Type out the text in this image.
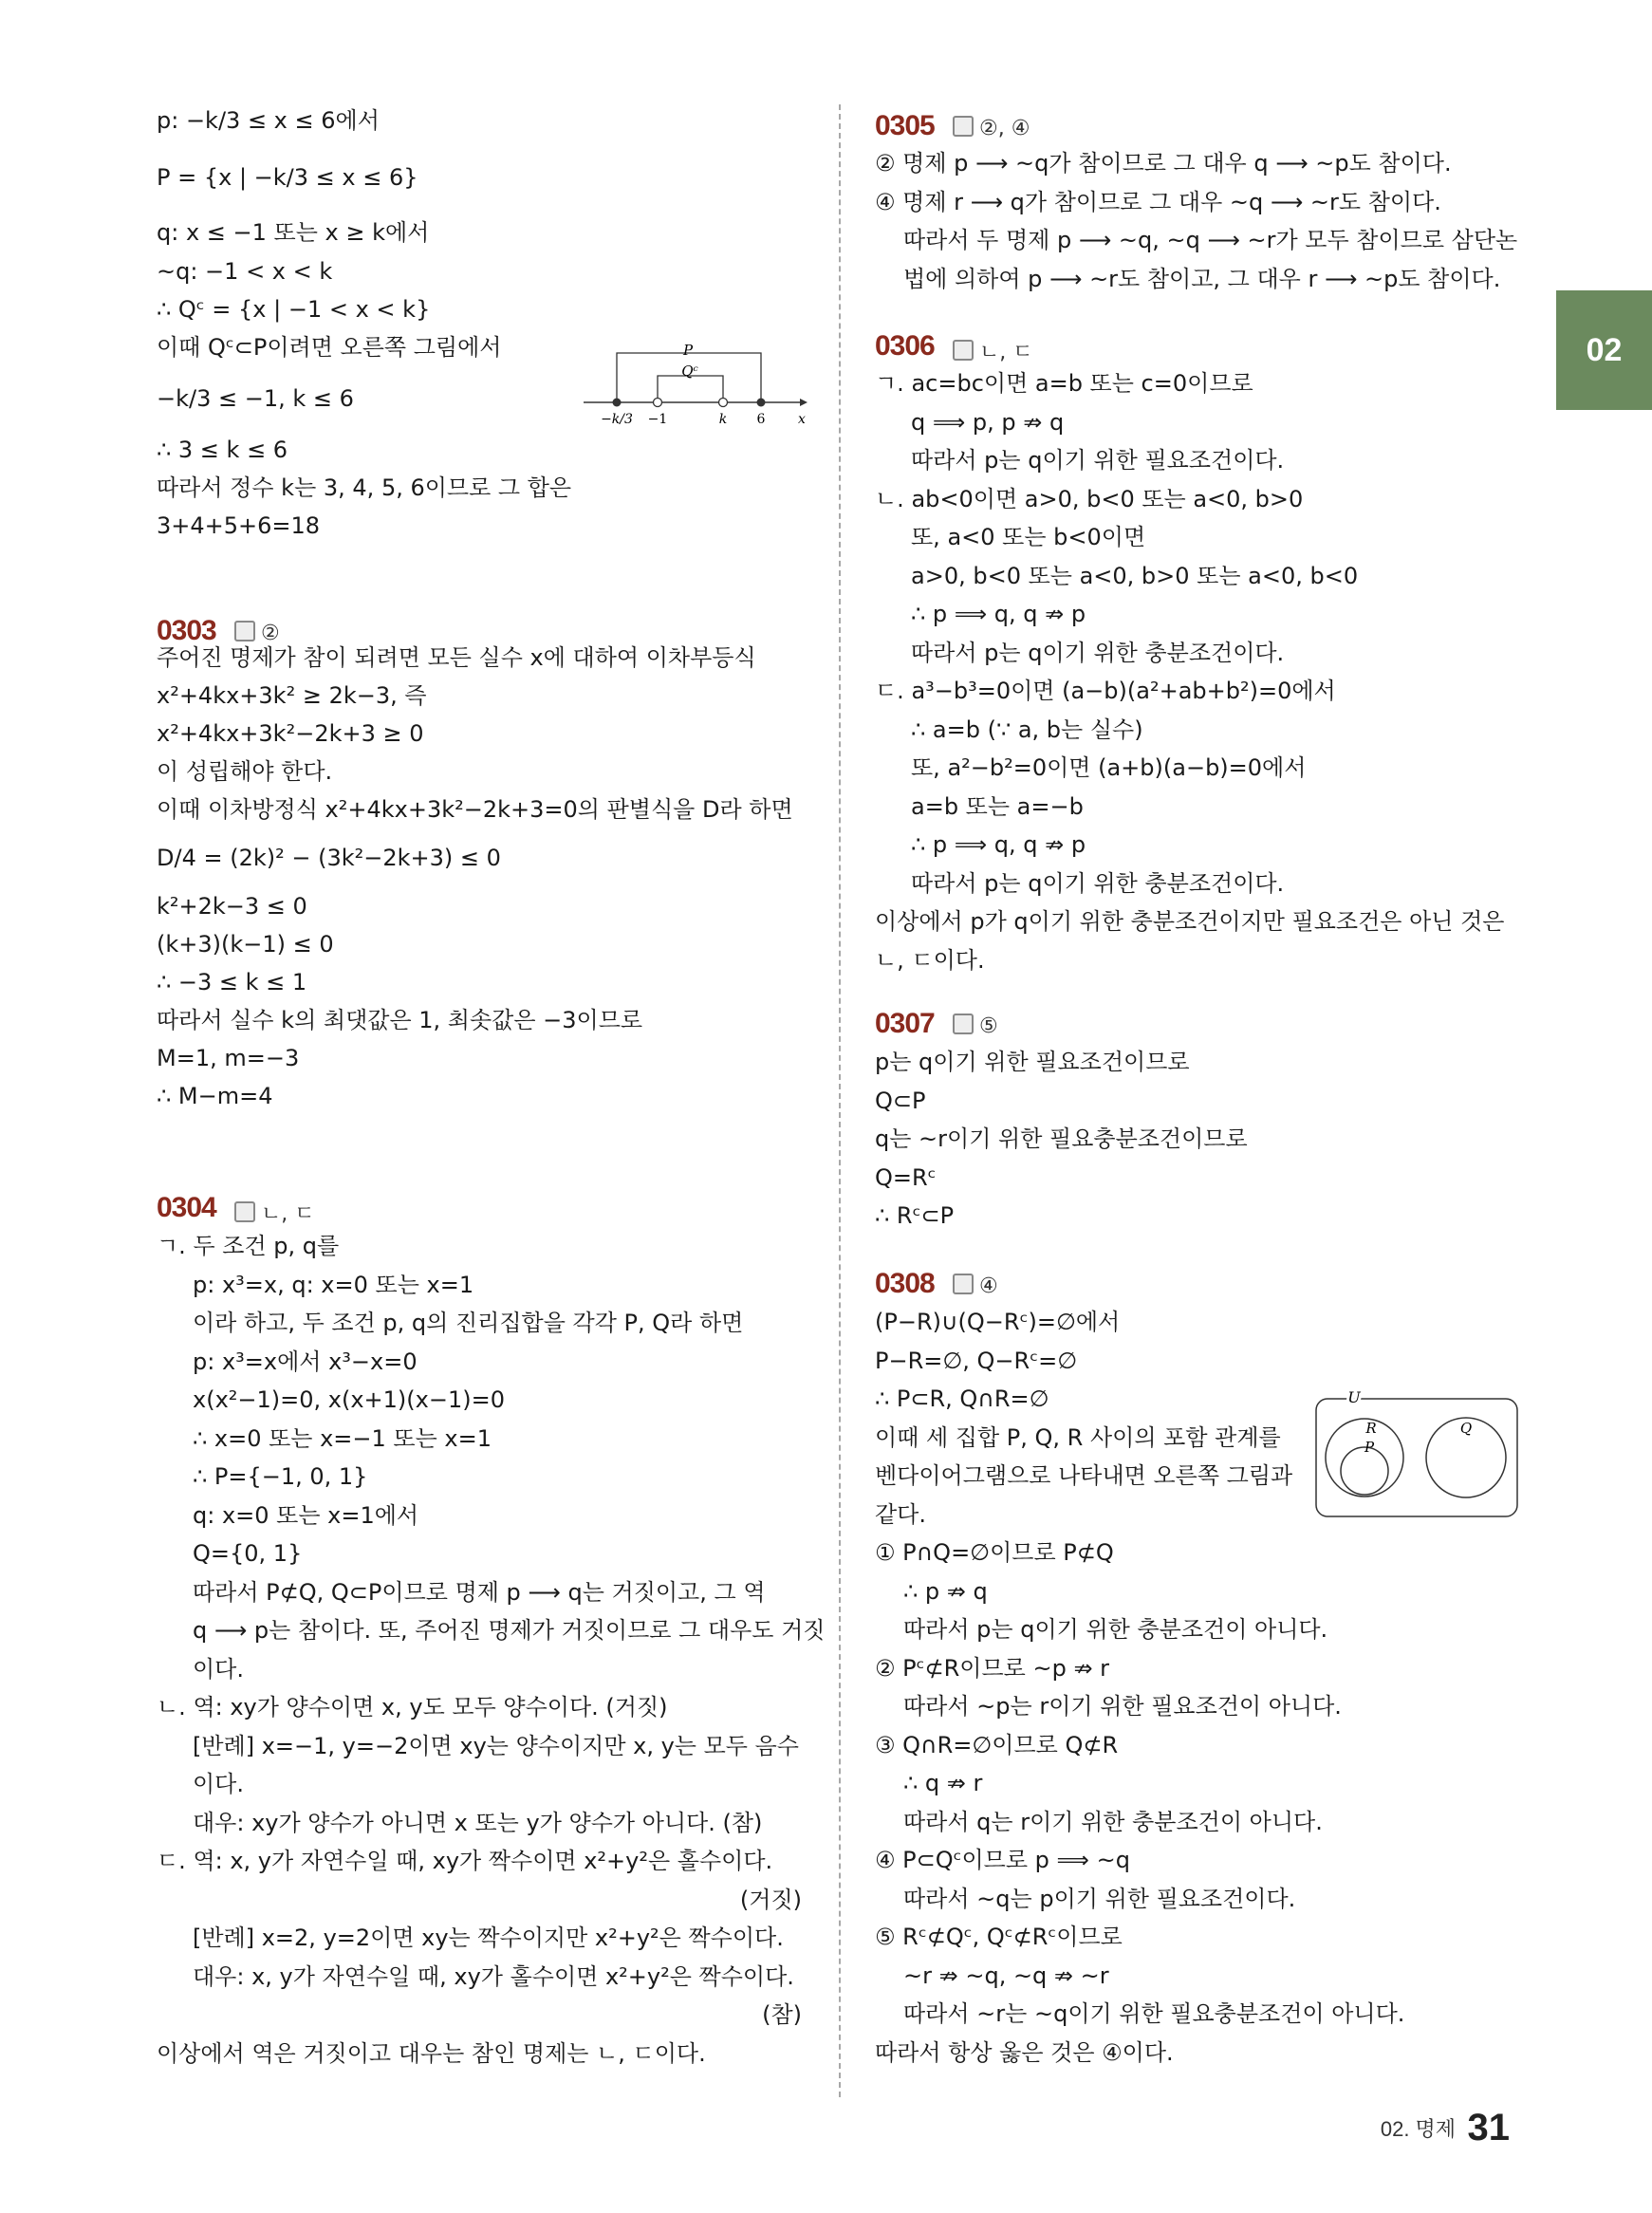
02
P
Qᶜ
−k/3 −1	k 6 x
U
R
P
Q
02. 명제 31
p: −k/3 ≤ x ≤ 6에서
P = {x | −k/3 ≤ x ≤ 6}
q: x ≤ −1 또는 x ≥ k에서
~q: −1 < x < k
∴ Qᶜ = {x | −1 < x < k}
이때 Qᶜ⊂P이려면 오른쪽 그림에서
−k/3 ≤ −1, k ≤ 6
∴ 3 ≤ k ≤ 6
따라서 정수 k는 3, 4, 5, 6이므로 그 합은
3+4+5+6=18
0303	②
주어진 명제가 참이 되려면 모든 실수 x에 대하여 이차부등식
x²+4kx+3k² ≥ 2k−3, 즉
x²+4kx+3k²−2k+3 ≥ 0
이 성립해야 한다.
이때 이차방정식 x²+4kx+3k²−2k+3=0의 판별식을 D라 하면
D/4 = (2k)² − (3k²−2k+3) ≤ 0
k²+2k−3 ≤ 0
(k+3)(k−1) ≤ 0
∴ −3 ≤ k ≤ 1
따라서 실수 k의 최댓값은 1, 최솟값은 −3이므로
M=1, m=−3
∴ M−m=4
0304	ㄴ, ㄷ
ㄱ. 두 조건 p, q를
p: x³=x, q: x=0 또는 x=1
이라 하고, 두 조건 p, q의 진리집합을 각각 P, Q라 하면
p: x³=x에서 x³−x=0
x(x²−1)=0, x(x+1)(x−1)=0
∴ x=0 또는 x=−1 또는 x=1
∴ P={−1, 0, 1}
q: x=0 또는 x=1에서
Q={0, 1}
따라서 P⊄Q, Q⊂P이므로 명제 p ⟶ q는 거짓이고, 그 역
q ⟶ p는 참이다. 또, 주어진 명제가 거짓이므로 그 대우도 거짓
이다.
ㄴ. 역: xy가 양수이면 x, y도 모두 양수이다. (거짓)
[반례] x=−1, y=−2이면 xy는 양수이지만 x, y는 모두 음수
이다.
대우: xy가 양수가 아니면 x 또는 y가 양수가 아니다. (참)
ㄷ. 역: x, y가 자연수일 때, xy가 짝수이면 x²+y²은 홀수이다.
(거짓)
[반례] x=2, y=2이면 xy는 짝수이지만 x²+y²은 짝수이다.
대우: x, y가 자연수일 때, xy가 홀수이면 x²+y²은 짝수이다.
(참)
이상에서 역은 거짓이고 대우는 참인 명제는 ㄴ, ㄷ이다.
0305	②, ④
② 명제 p ⟶ ~q가 참이므로 그 대우 q ⟶ ~p도 참이다.
④ 명제 r ⟶ q가 참이므로 그 대우 ~q ⟶ ~r도 참이다.
따라서 두 명제 p ⟶ ~q, ~q ⟶ ~r가 모두 참이므로 삼단논
법에 의하여 p ⟶ ~r도 참이고, 그 대우 r ⟶ ~p도 참이다.
0306	ㄴ, ㄷ
ㄱ. ac=bc이면 a=b 또는 c=0이므로
q ⟹ p, p ⇏ q
따라서 p는 q이기 위한 필요조건이다.
ㄴ. ab<0이면 a>0, b<0 또는 a<0, b>0
또, a<0 또는 b<0이면
a>0, b<0 또는 a<0, b>0 또는 a<0, b<0
∴ p ⟹ q, q ⇏ p
따라서 p는 q이기 위한 충분조건이다.
ㄷ. a³−b³=0이면 (a−b)(a²+ab+b²)=0에서
∴ a=b (∵ a, b는 실수)
또, a²−b²=0이면 (a+b)(a−b)=0에서
a=b 또는 a=−b
∴ p ⟹ q, q ⇏ p
따라서 p는 q이기 위한 충분조건이다.
이상에서 p가 q이기 위한 충분조건이지만 필요조건은 아닌 것은
ㄴ, ㄷ이다.
0307	⑤
p는 q이기 위한 필요조건이므로
Q⊂P
q는 ~r이기 위한 필요충분조건이므로
Q=Rᶜ
∴ Rᶜ⊂P
0308	④
(P−R)∪(Q−Rᶜ)=∅에서
P−R=∅, Q−Rᶜ=∅
∴ P⊂R, Q∩R=∅
이때 세 집합 P, Q, R 사이의 포함 관계를
벤다이어그램으로 나타내면 오른쪽 그림과
같다.
① P∩Q=∅이므로 P⊄Q
∴ p ⇏ q
따라서 p는 q이기 위한 충분조건이 아니다.
② Pᶜ⊄R이므로 ~p ⇏ r
따라서 ~p는 r이기 위한 필요조건이 아니다.
③ Q∩R=∅이므로 Q⊄R
∴ q ⇏ r
따라서 q는 r이기 위한 충분조건이 아니다.
④ P⊂Qᶜ이므로 p ⟹ ~q
따라서 ~q는 p이기 위한 필요조건이다.
⑤ Rᶜ⊄Qᶜ, Qᶜ⊄Rᶜ이므로
~r ⇏ ~q, ~q ⇏ ~r
따라서 ~r는 ~q이기 위한 필요충분조건이 아니다.
따라서 항상 옳은 것은 ④이다.
